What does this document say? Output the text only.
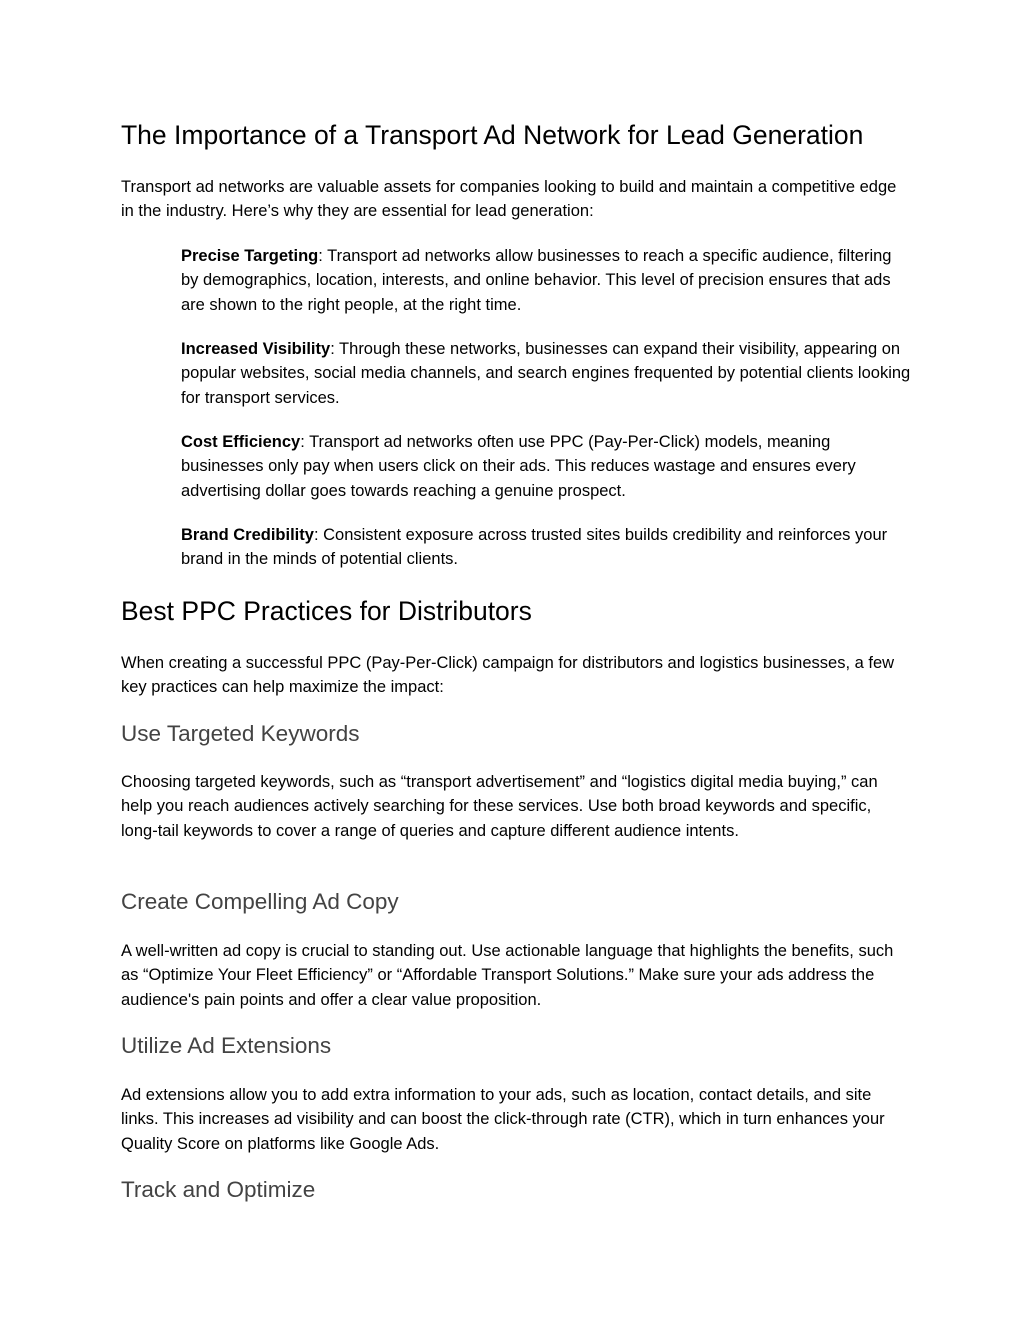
The Importance of a Transport Ad Network for Lead Generation

Transport ad networks are valuable assets for companies looking to build and maintain a competitive edge in the industry. Here’s why they are essential for lead generation:

Precise Targeting: Transport ad networks allow businesses to reach a specific audience, filtering by demographics, location, interests, and online behavior. This level of precision ensures that ads are shown to the right people, at the right time.

Increased Visibility: Through these networks, businesses can expand their visibility, appearing on popular websites, social media channels, and search engines frequented by potential clients looking for transport services.

Cost Efficiency: Transport ad networks often use PPC (Pay-Per-Click) models, meaning businesses only pay when users click on their ads. This reduces wastage and ensures every advertising dollar goes towards reaching a genuine prospect.

Brand Credibility: Consistent exposure across trusted sites builds credibility and reinforces your brand in the minds of potential clients.

Best PPC Practices for Distributors

When creating a successful PPC (Pay-Per-Click) campaign for distributors and logistics businesses, a few key practices can help maximize the impact:

Use Targeted Keywords

Choosing targeted keywords, such as “transport advertisement” and “logistics digital media buying,” can help you reach audiences actively searching for these services. Use both broad keywords and specific, long-tail keywords to cover a range of queries and capture different audience intents.

Create Compelling Ad Copy

A well-written ad copy is crucial to standing out. Use actionable language that highlights the benefits, such as “Optimize Your Fleet Efficiency” or “Affordable Transport Solutions.” Make sure your ads address the audience's pain points and offer a clear value proposition.

Utilize Ad Extensions

Ad extensions allow you to add extra information to your ads, such as location, contact details, and site links. This increases ad visibility and can boost the click-through rate (CTR), which in turn enhances your Quality Score on platforms like Google Ads.

Track and Optimize
